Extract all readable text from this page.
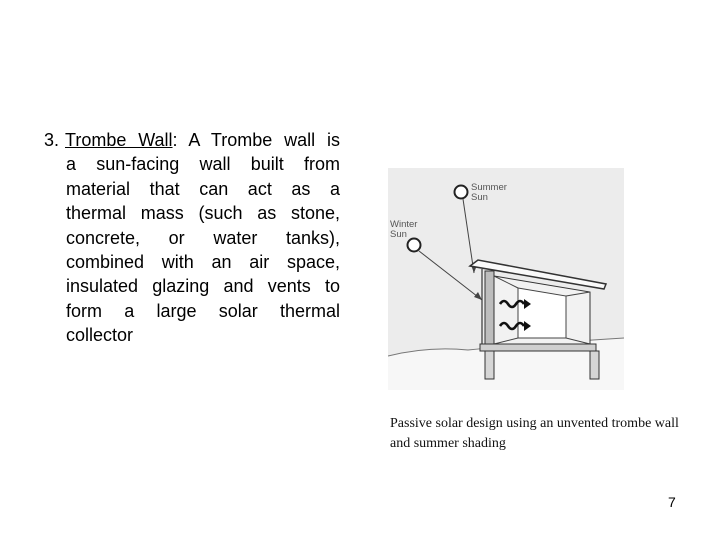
3. Trombe Wall: A Trombe wall is
a sun-facing wall built from
material that can act as a
thermal mass (such as stone,
concrete, or water tanks),
combined with an air space,
insulated glazing and vents to
form a large solar thermal
collector
Summer
Sun
Winter
Sun
Passive solar design using an unvented trombe wall and summer shading
7
